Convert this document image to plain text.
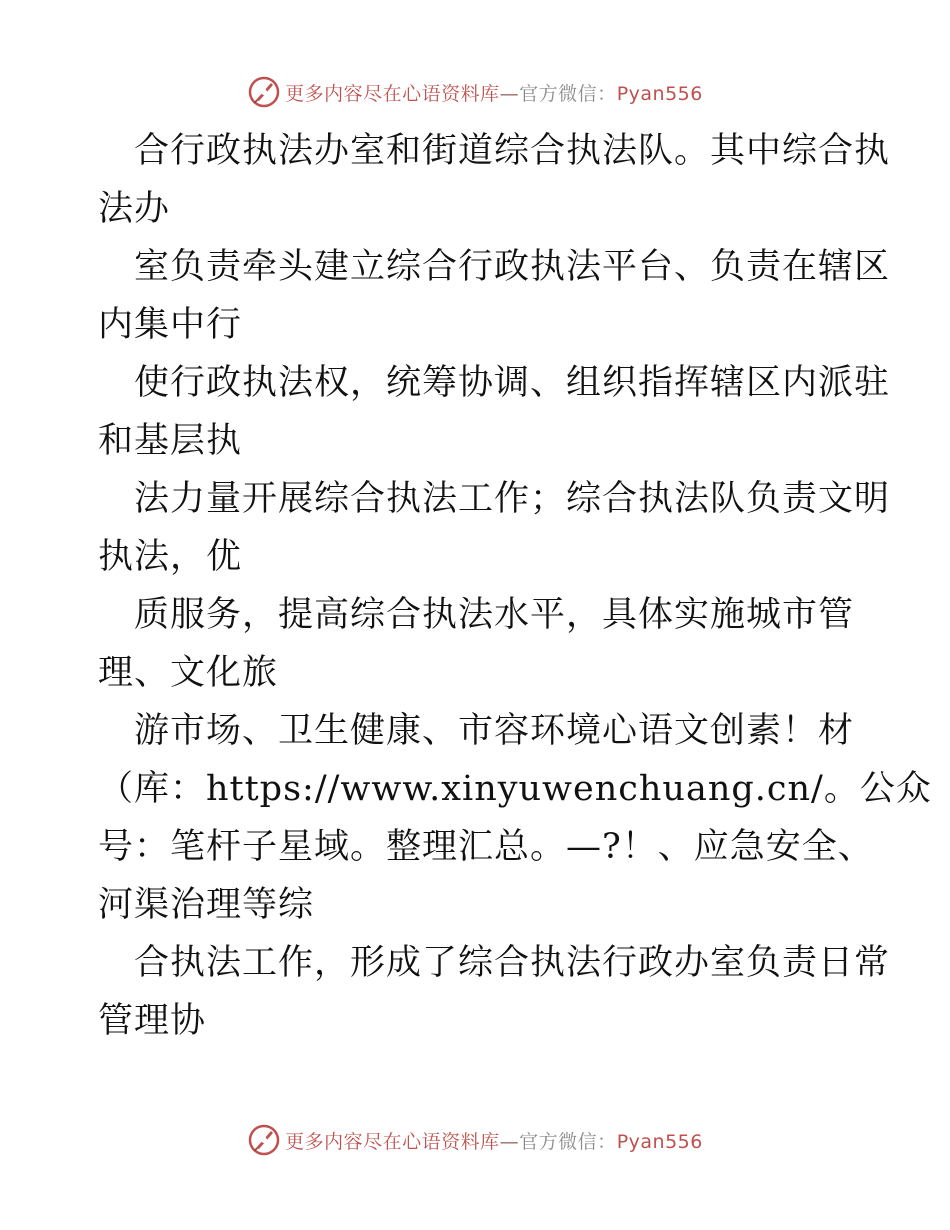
更多内容尽在心语资料库—官方微信：Pyan556
合行政执法办室和街道综合执法队。其中综合执
法办
室负责牵头建立综合行政执法平台、负责在辖区
内集中行
使行政执法权，统筹协调、组织指挥辖区内派驻
和基层执
法力量开展综合执法工作；综合执法队负责文明
执法，优
质服务，提高综合执法水平，具体实施城市管
理、文化旅
游市场、卫生健康、市容环境心语文创素！材
（库：https://www.xinyuwenchuang.cn/。公众
号：笔杆子星域。整理汇总。—?！、应急安全、
河渠治理等综
合执法工作，形成了综合执法行政办室负责日常
管理协
更多内容尽在心语资料库—官方微信：Pyan556
